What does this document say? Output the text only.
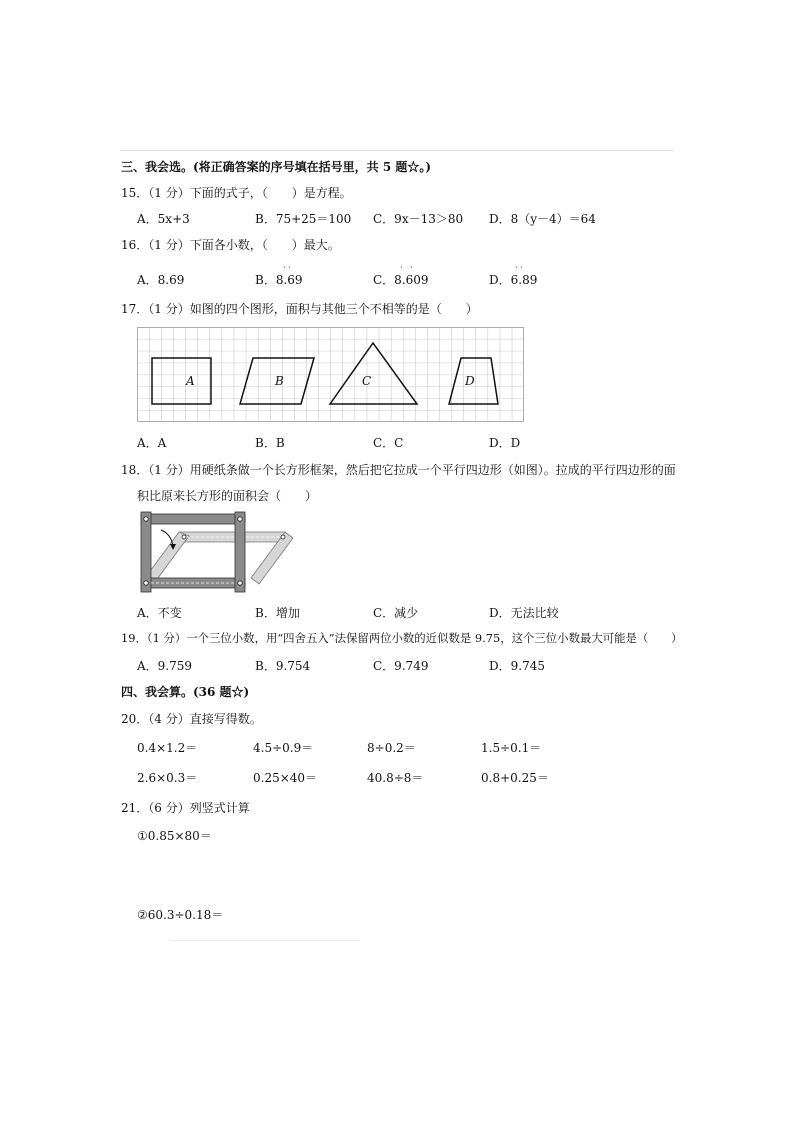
三、我会选。(将正确答案的序号填在括号里，共 5 题☆。)
15．（1 分）下面的式子，（　　）是方程。
A．5x+3	B．75+25＝100 C．9x－13＞80 D．8（y－4）＝64
16．（1 分）下面各小数，（　　）最大。
A．8.69	B．8.69	C．8.609	D．6.89
· ·	·   ·	· ·
17．（1 分）如图的四个图形，面积与其他三个不相等的是（　　）
A	B	C	D
A．A	B．B	C．C	D．D
18．（1 分）用硬纸条做一个长方形框架，然后把它拉成一个平行四边形（如图）。拉成的平行四边形的面
积比原来长方形的面积会（　　）
A．不变	B．增加	C．减少	D．无法比较
19．（1 分）一个三位小数，用“四舍五入”法保留两位小数的近似数是 9.75，这个三位小数最大可能是（　　）
A．9.759	B．9.754	C．9.749	D．9.745
四、我会算。(36 题☆)
20．（4 分）直接写得数。
0.4×1.2＝	4.5÷0.9＝	8÷0.2＝	1.5÷0.1＝
2.6×0.3＝	0.25×40＝	40.8÷8＝	0.8+0.25＝
21．（6 分）列竖式计算
①0.85×80＝
②60.3÷0.18＝
